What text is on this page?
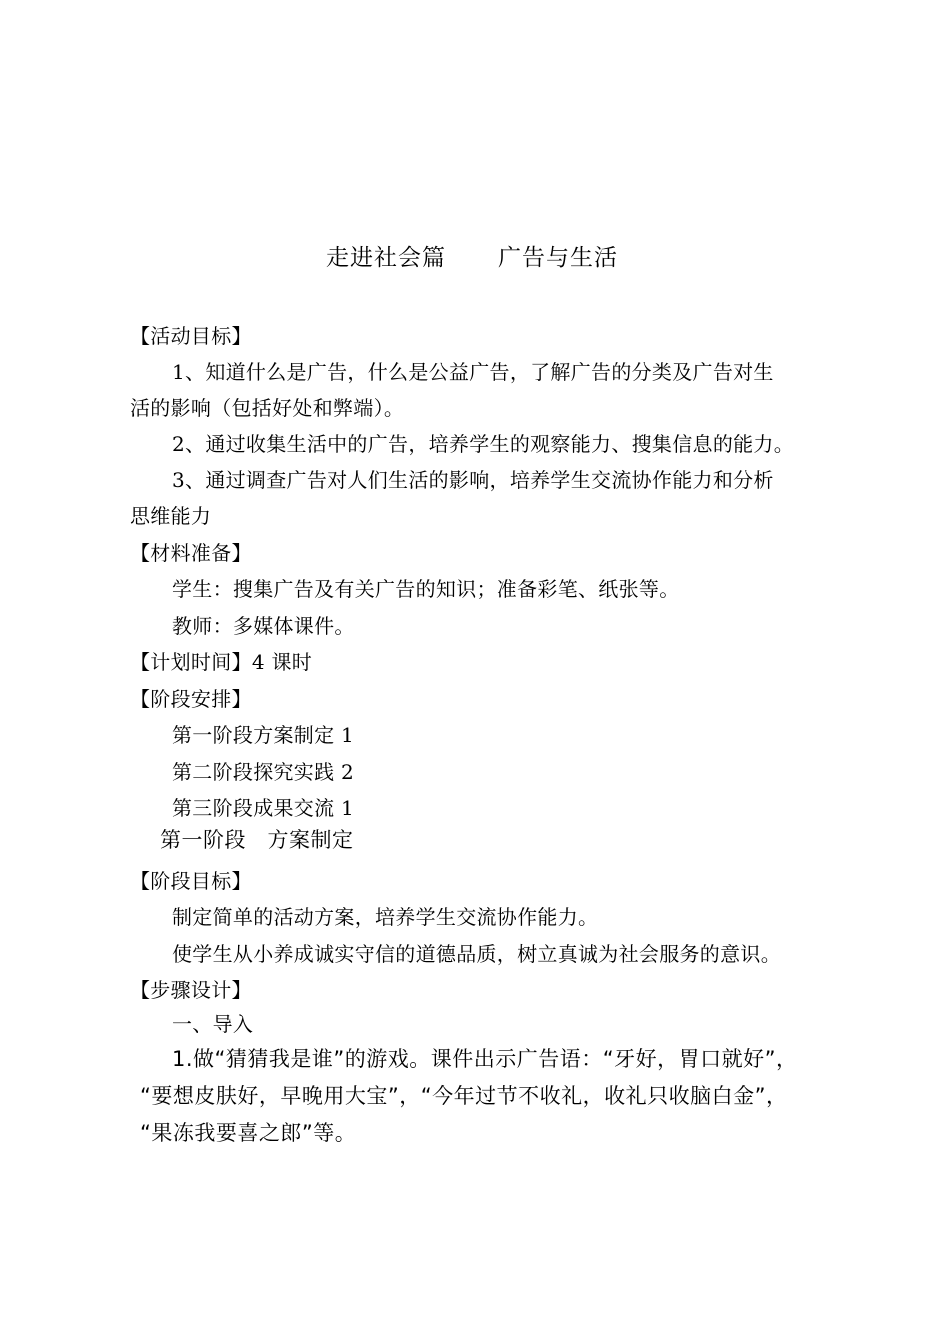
走进社会篇 广告与生活
【活动目标】
1、知道什么是广告，什么是公益广告，了解广告的分类及广告对生
活的影响（包括好处和弊端）。
2、通过收集生活中的广告，培养学生的观察能力、搜集信息的能力。
3、通过调查广告对人们生活的影响，培养学生交流协作能力和分析
思维能力
【材料准备】
学生：搜集广告及有关广告的知识；准备彩笔、纸张等。
教师：多媒体课件。
【计划时间】4 课时
【阶段安排】
第一阶段方案制定 1
第二阶段探究实践 2
第三阶段成果交流 1
第一阶段　方案制定
【阶段目标】
制定简单的活动方案，培养学生交流协作能力。
使学生从小养成诚实守信的道德品质，树立真诚为社会服务的意识。
【步骤设计】
一、导入
1.做“猜猜我是谁”的游戏。课件出示广告语：“牙好，胃口就好”，
“要想皮肤好，早晚用大宝”，“今年过节不收礼，收礼只收脑白金”，
“果冻我要喜之郎”等。
